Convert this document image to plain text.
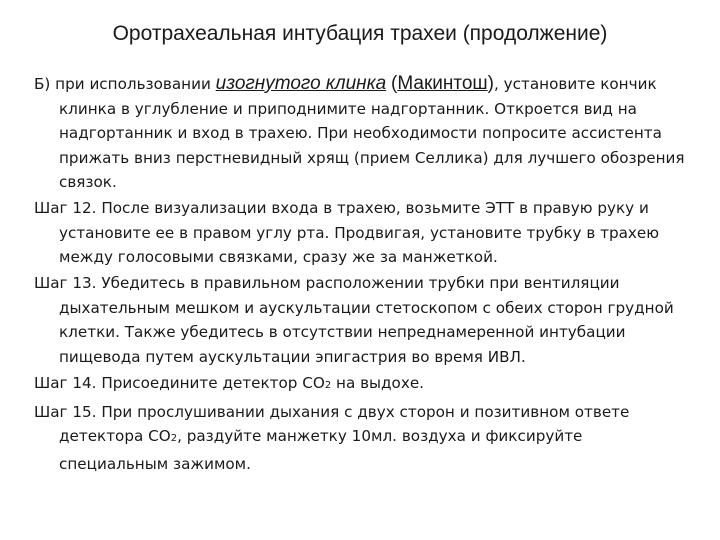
Оротрахеальная интубация трахеи (продолжение)

Б) при использовании изогнутого клинка (Макинтош), установите кончик клинка в углубление и приподнимите надгортанник. Откроется вид на надгортанник и вход в трахею. При необходимости попросите ассистента прижать вниз перстневидный хрящ (прием Селлика) для лучшего обозрения связок.

Шаг 12. После визуализации входа в трахею, возьмите ЭТТ в правую руку и установите ее в правом углу рта. Продвигая, установите трубку в трахею между голосовыми связками, сразу же за манжеткой.

Шаг 13. Убедитесь в правильном расположении трубки при вентиляции дыхательным мешком и аускультации стетоскопом с обеих сторон грудной клетки. Также убедитесь в отсутствии непреднамеренной интубации пищевода путем аускультации эпигастрия во время ИВЛ.

Шаг 14. Присоедините детектор СО2 на выдохе.

Шаг 15. При прослушивании дыхания с двух сторон и позитивном ответе детектора СО2, раздуйте манжетку 10мл. воздуха и фиксируйте специальным зажимом.
